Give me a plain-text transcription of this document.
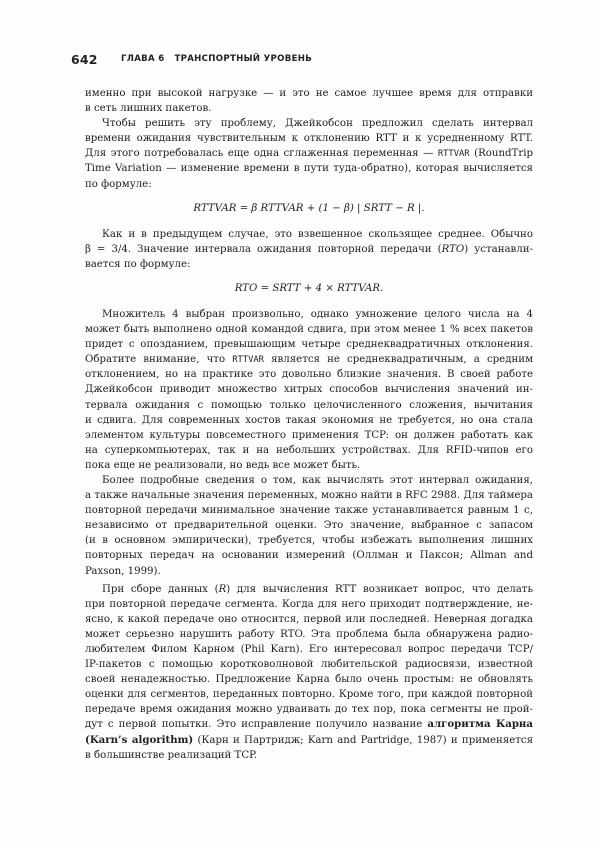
642	ГЛАВА 6 ТРАНСПОРТНЫЙ УРОВЕНЬ

именно при высокой нагрузке — и это не самое лучшее время для отправки
в сеть лишних пакетов.

Чтобы решить эту проблему, Джейкобсон предложил сделать интервал
времени ожидания чувствительным к отклонению RTT и к усредненному RTT.
Для этого потребовалась еще одна сглаженная переменная — RTTVAR (RoundTrip
Time Variation — изменение времени в пути туда-обратно), которая вычисляется
по формуле:

RTTVAR = β RTTVAR + (1 − β) | SRTT − R |.

Как и в предыдущем случае, это взвешенное скользящее среднее. Обычно
β = 3/4. Значение интервала ожидания повторной передачи (RTO) устанавли-
вается по формуле:

RTO = SRTT + 4 × RTTVAR.

Множитель 4 выбран произвольно, однако умножение целого числа на 4
может быть выполнено одной командой сдвига, при этом менее 1 % всех пакетов
придет с опозданием, превышающим четыре среднеквадратичных отклонения.
Обратите внимание, что RTTVAR является не среднеквадратичным, а средним
отклонением, но на практике это довольно близкие значения. В своей работе
Джейкобсон приводит множество хитрых способов вычисления значений ин-
тервала ожидания с помощью только целочисленного сложения, вычитания
и сдвига. Для современных хостов такая экономия не требуется, но она стала
элементом культуры повсеместного применения TCP: он должен работать как
на суперкомпьютерах, так и на небольших устройствах. Для RFID-чипов его
пока еще не реализовали, но ведь все может быть.

Более подробные сведения о том, как вычислять этот интервал ожидания,
а также начальные значения переменных, можно найти в RFC 2988. Для таймера
повторной передачи минимальное значение также устанавливается равным 1 с,
независимо от предварительной оценки. Это значение, выбранное с запасом
(и в основном эмпирически), требуется, чтобы избежать выполнения лишних
повторных передач на основании измерений (Оллман и Паксон; Allman and
Paxson, 1999).

При сборе данных (R) для вычисления RTT возникает вопрос, что делать
при повторной передаче сегмента. Когда для него приходит подтверждение, не-
ясно, к какой передаче оно относится, первой или последней. Неверная догадка
может серьезно нарушить работу RTO. Эта проблема была обнаружена радио-
любителем Филом Карном (Phil Karn). Его интересовал вопрос передачи TCP/
IP-пакетов с помощью коротковолновой любительской радиосвязи, известной
своей ненадежностью. Предложение Карна было очень простым: не обновлять
оценки для сегментов, переданных повторно. Кроме того, при каждой повторной
передаче время ожидания можно удваивать до тех пор, пока сегменты не прой-
дут с первой попытки. Это исправление получило название алгоритма Карна
(Karn’s algorithm) (Карн и Партридж; Karn and Partridge, 1987) и применяется
в большинстве реализаций TCP.
